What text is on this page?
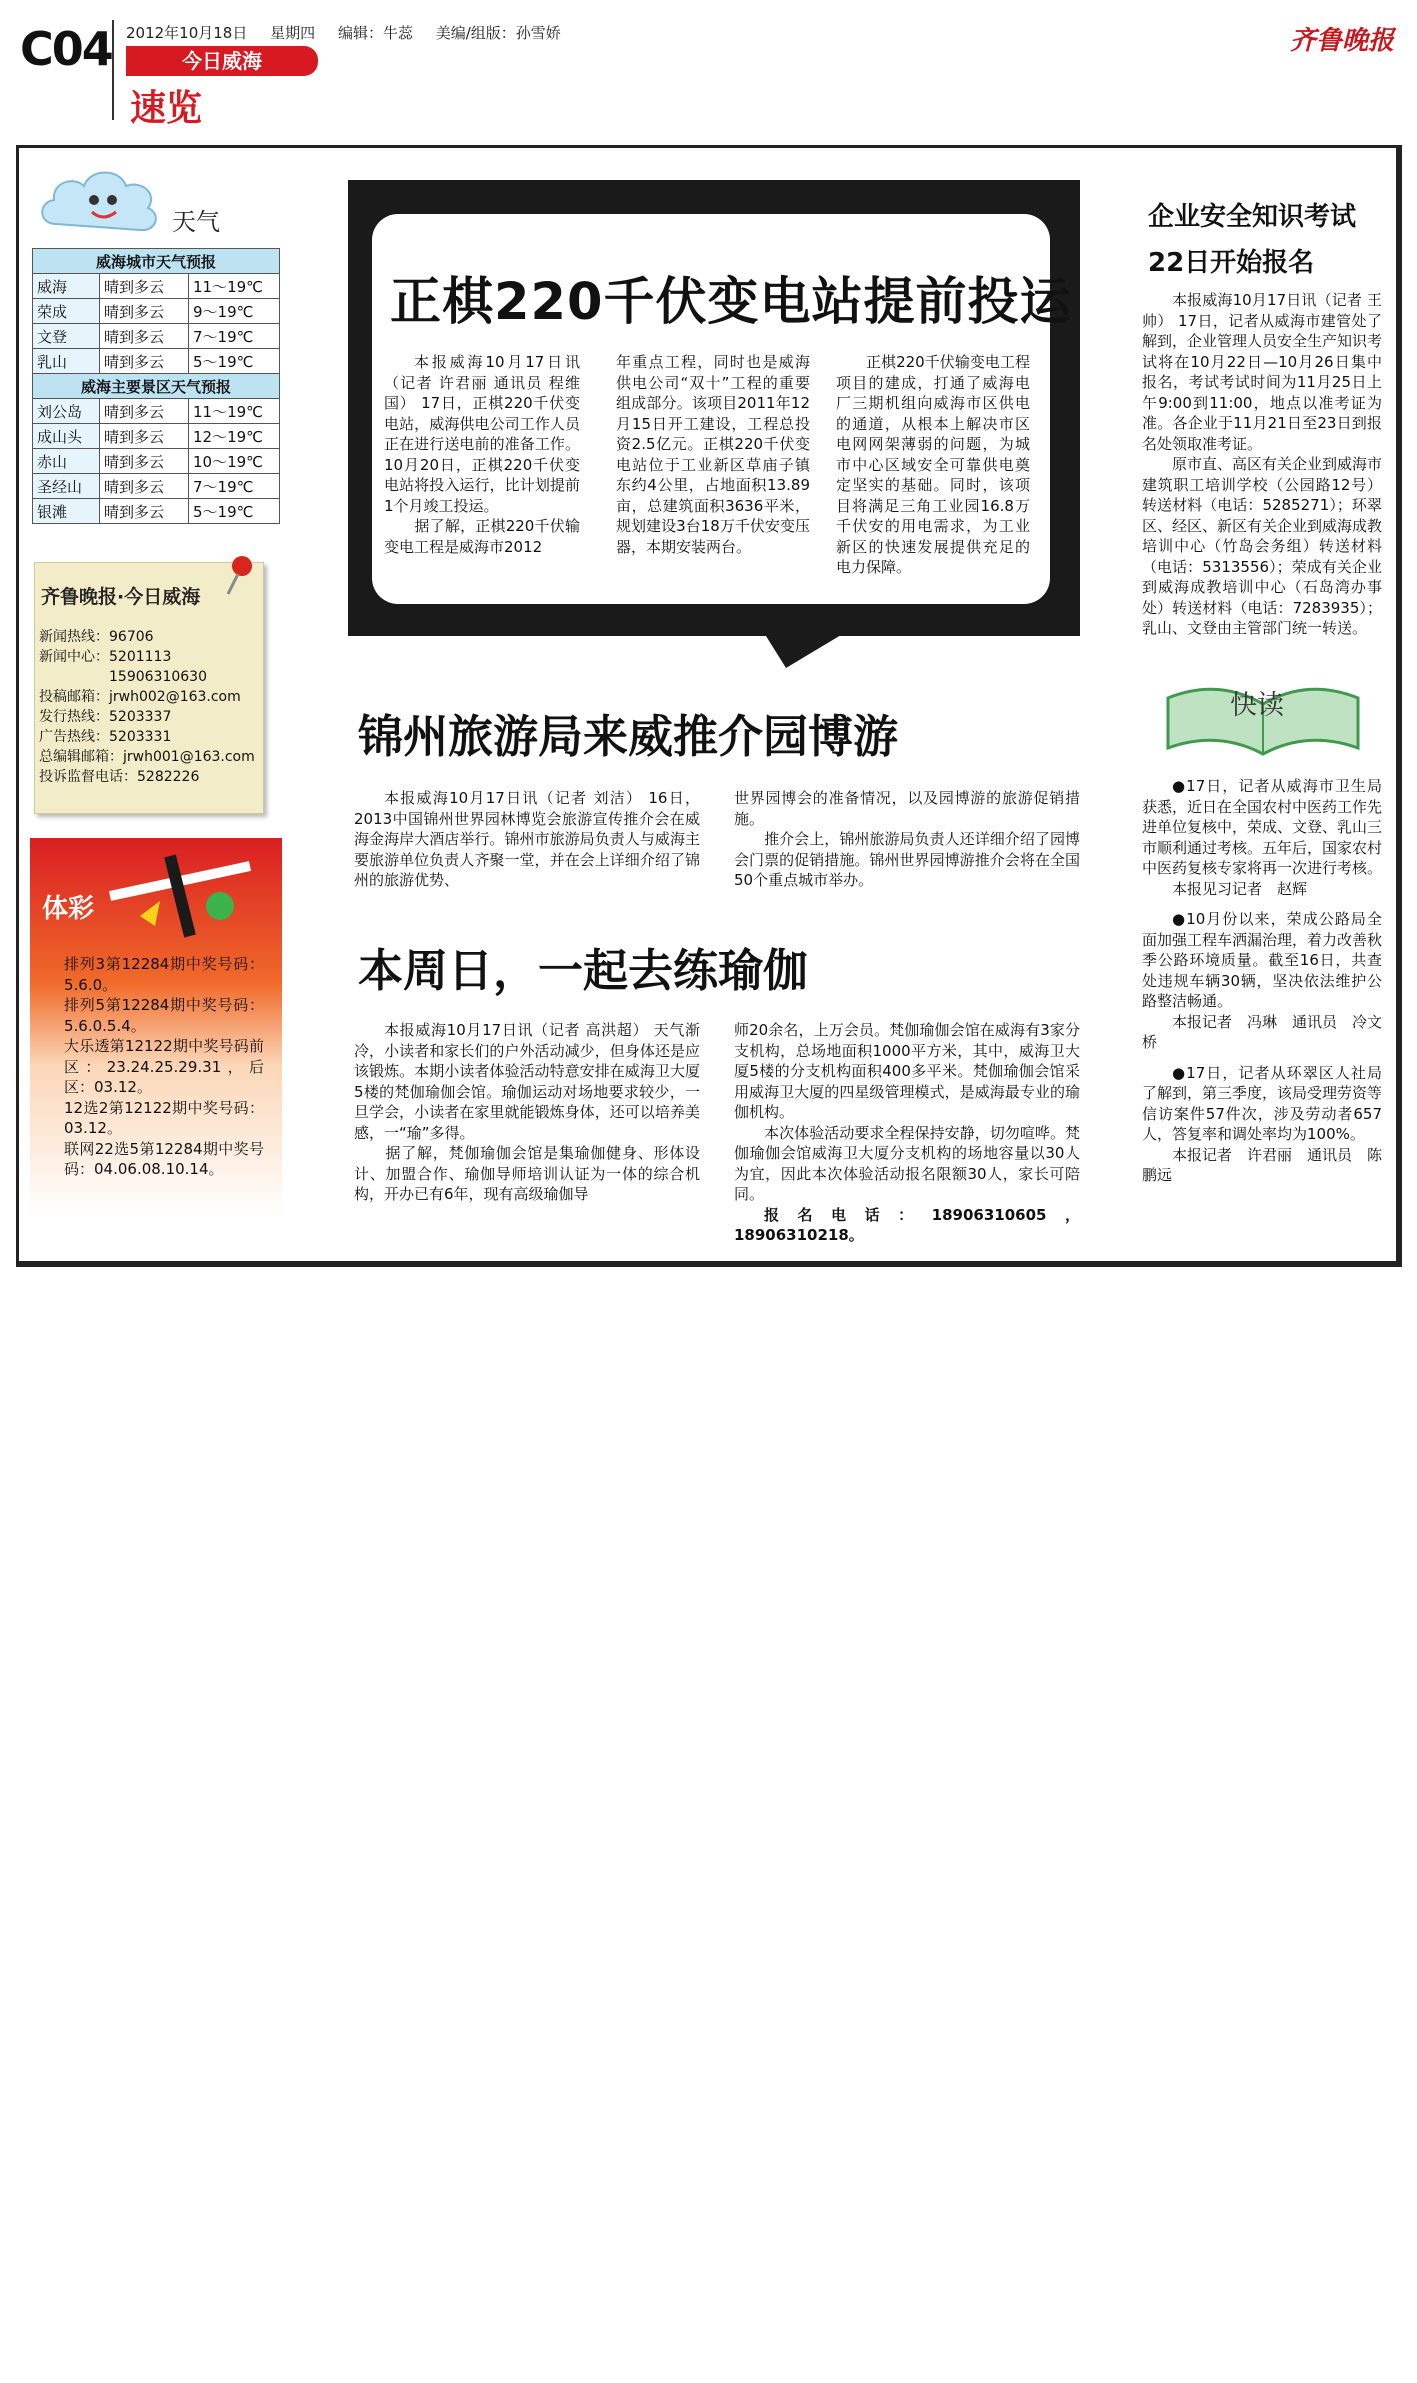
C04 2012年10月18日 星期四 编辑：牛蕊 美编/组版：孙雪娇
今日威海
速览
齐鲁晚报
天气
威海城市天气预报		
威海	晴到多云	11～19℃
荣成	晴到多云	9～19℃
文登	晴到多云	7～19℃
乳山	晴到多云	5～19℃
威海主要景区天气预报		
刘公岛	晴到多云	11～19℃
成山头	晴到多云	12～19℃
赤山	晴到多云	10～19℃
圣经山	晴到多云	7～19℃
银滩	晴到多云	5～19℃
齐鲁晚报·今日威海
新闻热线：96706
新闻中心：5201113
　　　　　15906310630
投稿邮箱：jrwh002@163.com
发行热线：5203337
广告热线：5203331
总编辑邮箱：jrwh001@163.com
投诉监督电话：5282226
体彩
排列3第12284期中奖号码：5.6.0。
排列5第12284期中奖号码：5.6.0.5.4。
大乐透第12122期中奖号码前区：23.24.25.29.31，后区：03.12。
12选2第12122期中奖号码：03.12。
联网22选5第12284期中奖号码：04.06.08.10.14。
正棋220千伏变电站提前投运
本报威海10月17日讯（记者 许君丽 通讯员 程维国） 17日，正棋220千伏变电站，威海供电公司工作人员正在进行送电前的准备工作。10月20日，正棋220千伏变电站将投入运行，比计划提前1个月竣工投运。
　　据了解，正棋220千伏输变电工程是威海市2012
年重点工程，同时也是威海供电公司“双十”工程的重要组成部分。该项目2011年12月15日开工建设，工程总投资2.5亿元。正棋220千伏变电站位于工业新区草庙子镇东约4公里，占地面积13.89亩，总建筑面积3636平米，规划建设3台18万千伏安变压器，本期安装两台。
正棋220千伏输变电工程项目的建成，打通了威海电厂三期机组向威海市区供电的通道，从根本上解决市区电网网架薄弱的问题，为城市中心区域安全可靠供电奠定坚实的基础。同时，该项目将满足三角工业园16.8万千伏安的用电需求，为工业新区的快速发展提供充足的电力保障。
锦州旅游局来威推介园博游
本报威海10月17日讯（记者 刘洁） 16日，2013中国锦州世界园林博览会旅游宣传推介会在威海金海岸大酒店举行。锦州市旅游局负责人与威海主要旅游单位负责人齐聚一堂，并在会上详细介绍了锦州的旅游优势、
世界园博会的准备情况，以及园博游的旅游促销措施。
　　推介会上，锦州旅游局负责人还详细介绍了园博会门票的促销措施。锦州世界园博游推介会将在全国50个重点城市举办。
本周日，一起去练瑜伽
本报威海10月17日讯（记者 高洪超） 天气渐冷，小读者和家长们的户外活动减少，但身体还是应该锻炼。本期小读者体验活动特意安排在威海卫大厦5楼的梵伽瑜伽会馆。瑜伽运动对场地要求较少，一旦学会，小读者在家里就能锻炼身体，还可以培养美感，一“瑜”多得。
　　据了解，梵伽瑜伽会馆是集瑜伽健身、形体设计、加盟合作、瑜伽导师培训认证为一体的综合机构，开办已有6年，现有高级瑜伽导
师20余名，上万会员。梵伽瑜伽会馆在威海有3家分支机构，总场地面积1000平方米，其中，威海卫大厦5楼的分支机构面积400多平米。梵伽瑜伽会馆采用威海卫大厦的四星级管理模式，是威海最专业的瑜伽机构。
　　本次体验活动要求全程保持安静，切勿喧哗。梵伽瑜伽会馆威海卫大厦分支机构的场地容量以30人为宜，因此本次体验活动报名限额30人，家长可陪同。
报名电话：18906310605，18906310218。
企业安全知识考试
22日开始报名
本报威海10月17日讯（记者 王帅） 17日，记者从威海市建管处了解到，企业管理人员安全生产知识考试将在10月22日—10月26日集中报名，考试考试时间为11月25日上午9:00到11:00，地点以准考证为准。各企业于11月21日至23日到报名处领取准考证。
　　原市直、高区有关企业到威海市建筑职工培训学校（公园路12号）转送材料（电话：5285271）；环翠区、经区、新区有关企业到威海成教培训中心（竹岛会务组）转送材料（电话：5313556）；荣成有关企业到威海成教培训中心（石岛湾办事处）转送材料（电话：7283935）；乳山、文登由主管部门统一转送。
快读
●17日，记者从威海市卫生局获悉，近日在全国农村中医药工作先进单位复核中，荣成、文登、乳山三市顺利通过考核。五年后，国家农村中医药复核专家将再一次进行考核。
本报见习记者　赵辉
●10月份以来，荣成公路局全面加强工程车洒漏治理，着力改善秋季公路环境质量。截至16日，共查处违规车辆30辆，坚决依法维护公路整洁畅通。
本报记者　冯琳　通讯员　冷文桥
●17日，记者从环翠区人社局了解到，第三季度，该局受理劳资等信访案件57件次，涉及劳动者657人，答复率和调处率均为100%。
本报记者　许君丽　通讯员　陈鹏远
